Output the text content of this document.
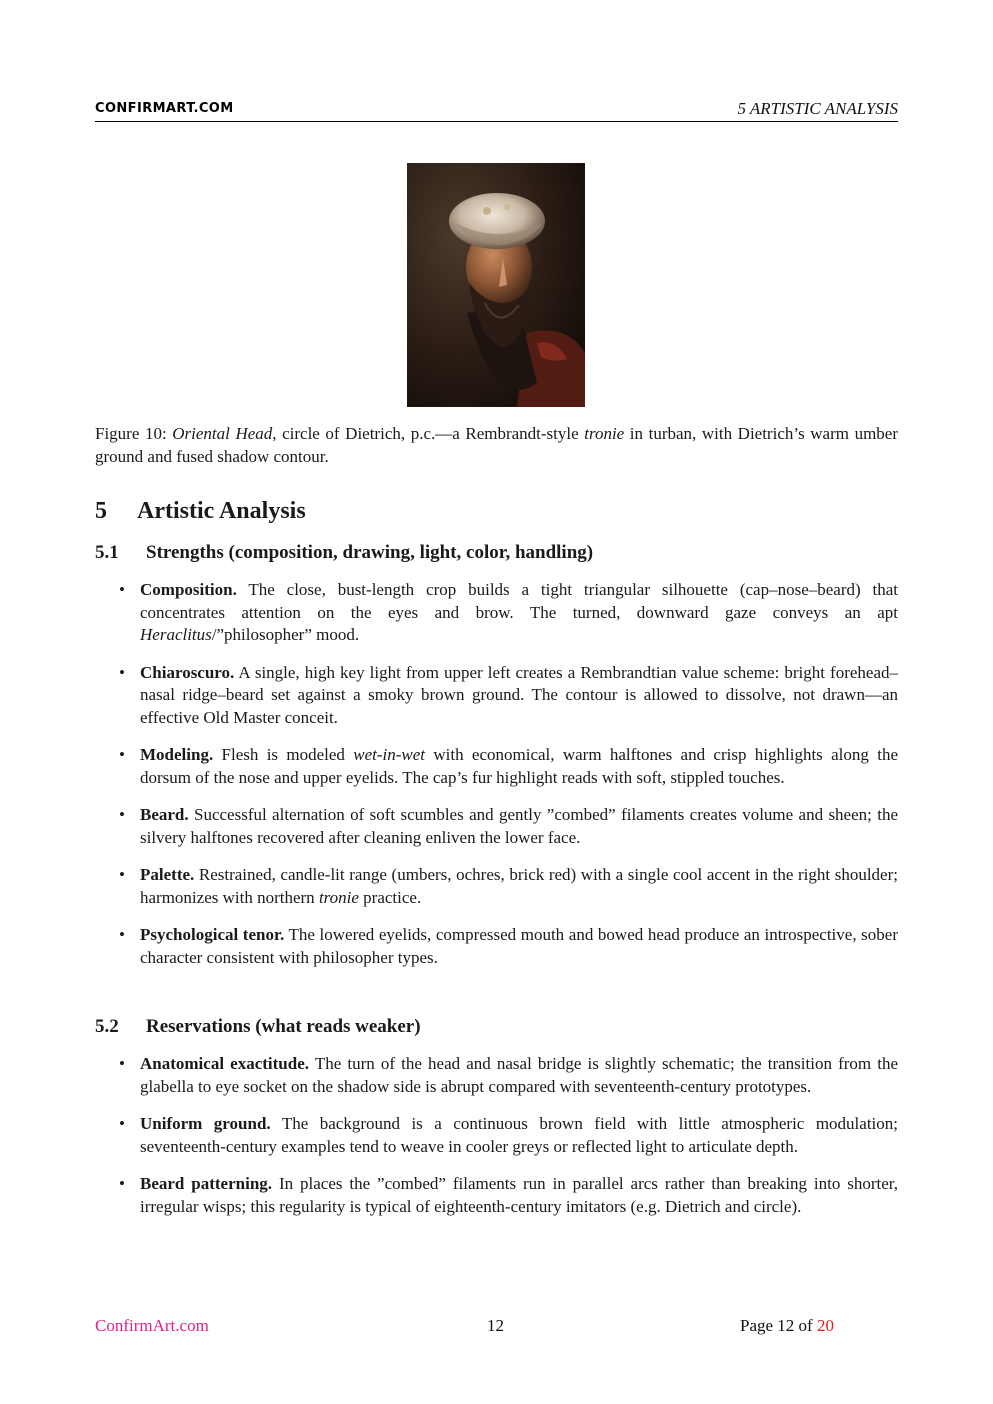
CONFIRMART.COM	5 ARTISTIC ANALYSIS
Figure 10: Oriental Head, circle of Dietrich, p.c.—a Rembrandt-style tronie in turban, with Dietrich’s warm umber ground and fused shadow contour.
5 Artistic Analysis
5.1 Strengths (composition, drawing, light, color, handling)
• Composition. The close, bust-length crop builds a tight triangular silhouette (cap–nose–beard) that concentrates attention on the eyes and brow. The turned, downward gaze conveys an apt Heraclitus/”philosopher” mood.
• Chiaroscuro. A single, high key light from upper left creates a Rembrandtian value scheme: bright forehead–nasal ridge–beard set against a smoky brown ground. The contour is allowed to dissolve, not drawn—an effective Old Master conceit.
• Modeling. Flesh is modeled wet-in-wet with economical, warm halftones and crisp highlights along the dorsum of the nose and upper eyelids. The cap’s fur highlight reads with soft, stippled touches.
• Beard. Successful alternation of soft scumbles and gently ”combed” filaments creates volume and sheen; the silvery halftones recovered after cleaning enliven the lower face.
• Palette. Restrained, candle-lit range (umbers, ochres, brick red) with a single cool accent in the right shoulder; harmonizes with northern tronie practice.
• Psychological tenor. The lowered eyelids, compressed mouth and bowed head produce an introspective, sober character consistent with philosopher types.
5.2 Reservations (what reads weaker)
• Anatomical exactitude. The turn of the head and nasal bridge is slightly schematic; the transition from the glabella to eye socket on the shadow side is abrupt compared with seventeenth-century prototypes.
• Uniform ground. The background is a continuous brown field with little atmospheric modulation; seventeenth-century examples tend to weave in cooler greys or reflected light to articulate depth.
• Beard patterning. In places the ”combed” filaments run in parallel arcs rather than breaking into shorter, irregular wisps; this regularity is typical of eighteenth-century imitators (e.g. Dietrich and circle).
ConfirmArt.com	12	Page 12 of 20
